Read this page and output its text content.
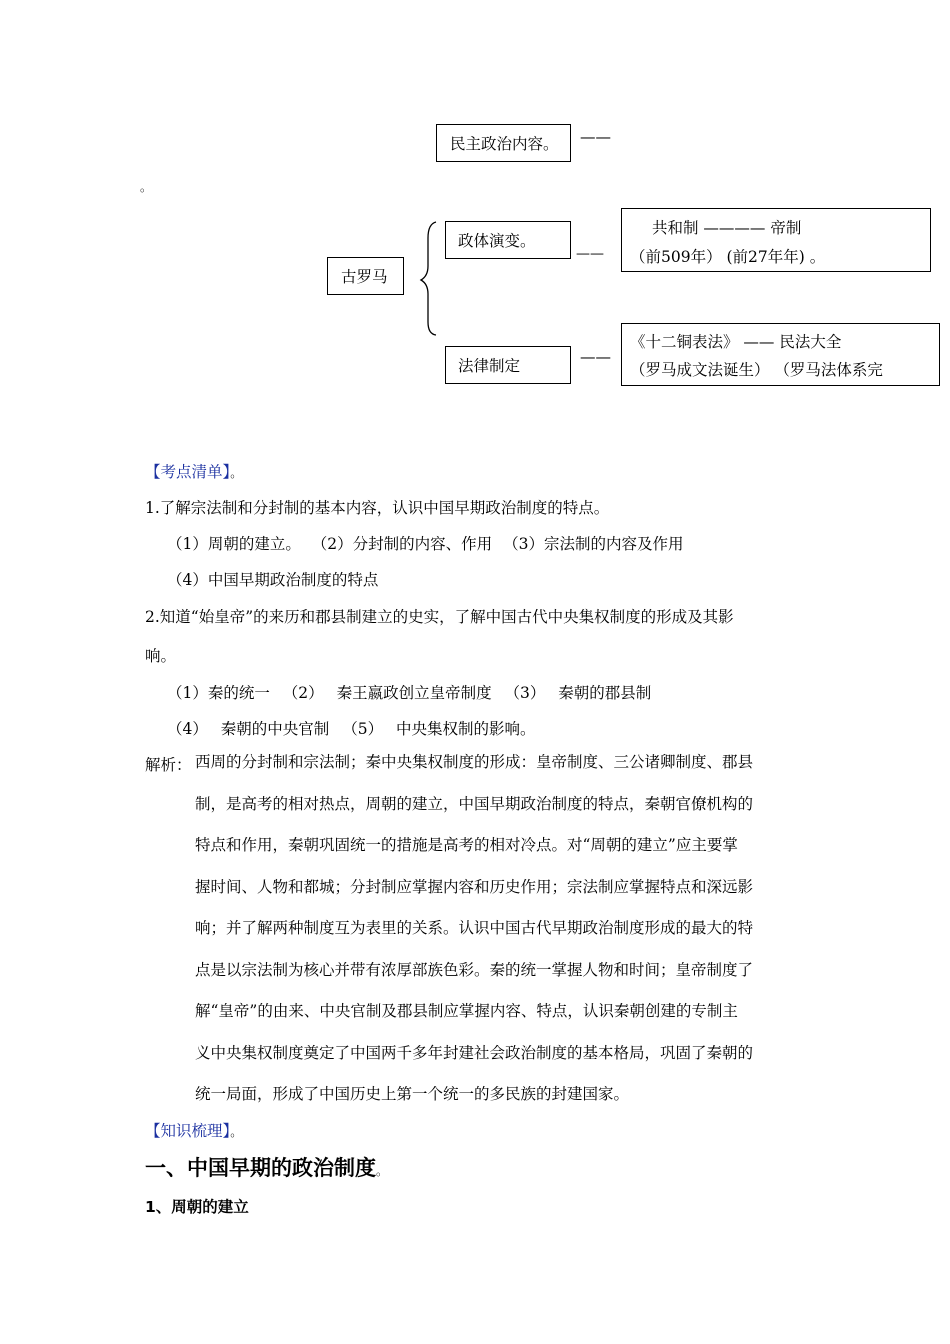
民主政治内容。 ——
。
古罗马
政体演变。
——
共和制 ———— 帝制
（前509年） (前27年年) 。
法律制定	——
《十二铜表法》 —— 民法大全
（罗马成文法诞生） （罗马法体系完
【考点清单】。
1.了解宗法制和分封制的基本内容，认识中国早期政治制度的特点。
（1）周朝的建立。 （2）分封制的内容、作用 （3）宗法制的内容及作用
（4）中国早期政治制度的特点
2.知道“始皇帝”的来历和郡县制建立的史实，了解中国古代中央集权制度的形成及其影
响。
（1）秦的统一 （2） 秦王嬴政创立皇帝制度 （3） 秦朝的郡县制
（4） 秦朝的中央官制 （5） 中央集权制的影响。
解析： 西周的分封制和宗法制；秦中央集权制度的形成：皇帝制度、三公诸卿制度、郡县
制，是高考的相对热点，周朝的建立，中国早期政治制度的特点，秦朝官僚机构的
特点和作用，秦朝巩固统一的措施是高考的相对冷点。对“周朝的建立”应主要掌
握时间、人物和都城；分封制应掌握内容和历史作用；宗法制应掌握特点和深远影
响；并了解两种制度互为表里的关系。认识中国古代早期政治制度形成的最大的特
点是以宗法制为核心并带有浓厚部族色彩。秦的统一掌握人物和时间；皇帝制度了
解“皇帝”的由来、中央官制及郡县制应掌握内容、特点，认识秦朝创建的专制主
义中央集权制度奠定了中国两千多年封建社会政治制度的基本格局，巩固了秦朝的
统一局面，形成了中国历史上第一个统一的多民族的封建国家。
【知识梳理】。
一、中国早期的政治制度。
1、周朝的建立
